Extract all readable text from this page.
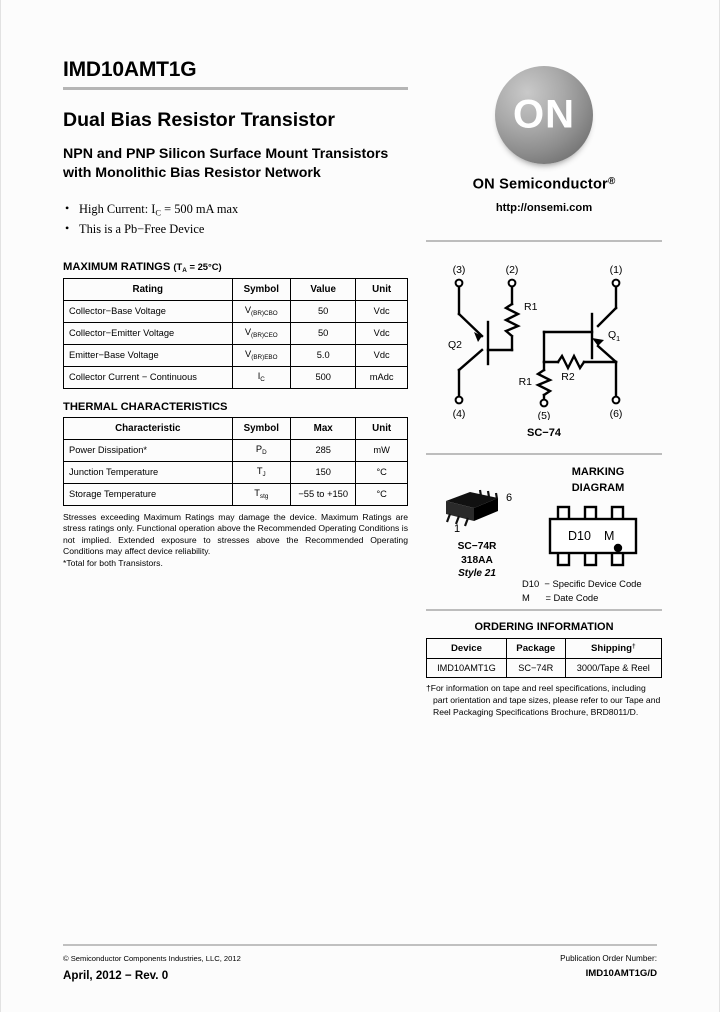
IMD10AMT1G
Dual Bias Resistor Transistor
NPN and PNP Silicon Surface Mount Transistors with Monolithic Bias Resistor Network
• High Current: $I_C = 500$ mA max
• This is a Pb−Free Device
MAXIMUM RATINGS $(T_A = 25^\circ C)$
Rating	Symbol	Value	Unit
Collector−Base Voltage	$V_{(BR)CBO}$	50	Vdc
Collector−Emitter Voltage	$V_{(BR)CEO}$	50	Vdc
Emitter−Base Voltage	$V_{(BR)EBO}$	5.0	Vdc
Collector Current − Continuous	$I_C$	500	mAdc
THERMAL CHARACTERISTICS
Characteristic	Symbol	Max	Unit
Power Dissipation*	$P_D$	285	mW
Junction Temperature	$T_J$	150	°C
Storage Temperature	$T_{stg}$	−55 to +150	°C
Stresses exceeding Maximum Ratings may damage the device. Maximum Ratings are stress ratings only. Functional operation above the Recommended Operating Conditions is not implied. Extended exposure to stresses above the Recommended Operating Conditions may affect device reliability.
*Total for both Transistors.
ON
ON Semiconductor®
http://onsemi.com
(3)	(2)	(1)
(4)	(5)	(6)
Q2
Q 1
R1
R2
R1
SC−74
MARKING
DIAGRAM
6
1
SC−74R
318AA
Style 21
D10 M
D10  − Specific Device Code
M      = Date Code
ORDERING INFORMATION
Device	Package	Shipping†
IMD10AMT1G	SC−74R	3000/Tape & Reel
†For information on tape and reel specifications, including part orientation and tape sizes, please refer to our Tape and Reel Packaging Specifications Brochure, BRD8011/D.
© Semiconductor Components Industries, LLC, 2012
April, 2012 − Rev. 0
Publication Order Number:
IMD10AMT1G/D
